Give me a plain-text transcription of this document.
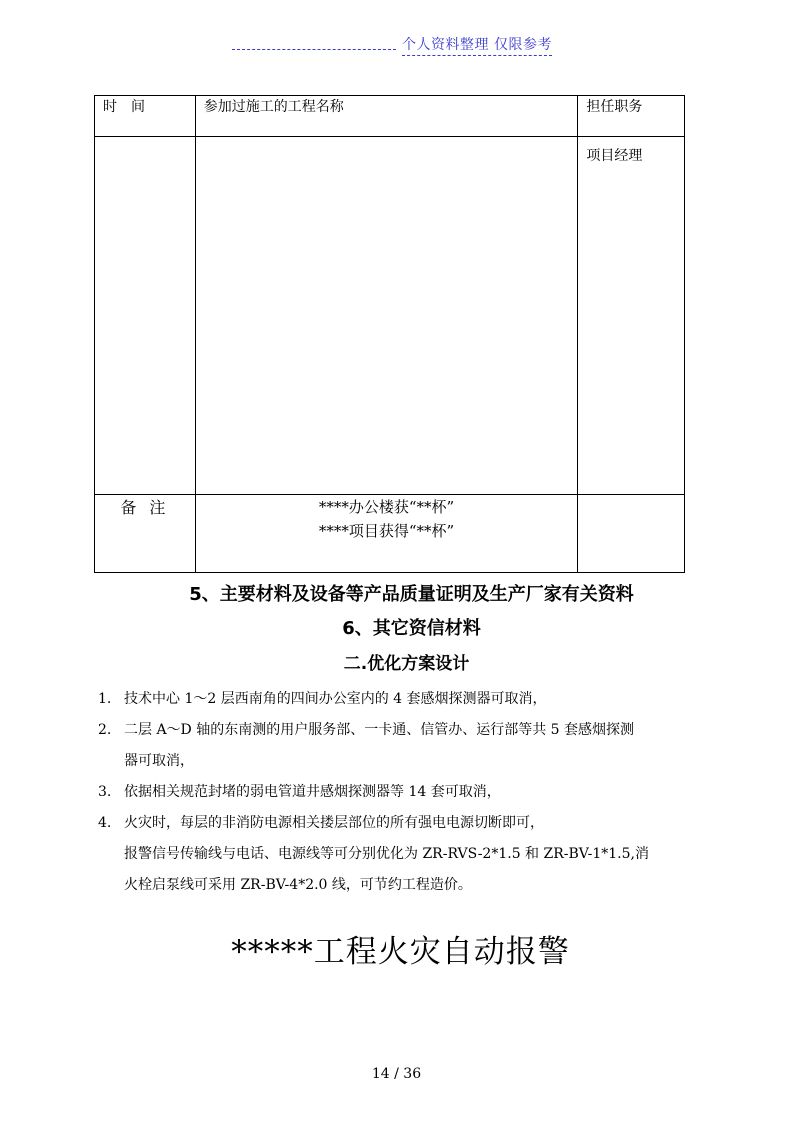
个人资料整理 仅限参考
时　间	参加过施工的工程名称	担任职务

		项目经理

备 注	****办公楼获“**杯”
****项目获得“**杯”	

5、主要材料及设备等产品质量证明及生产厂家有关资料
6、其它资信材料
二.优化方案设计
1. 技术中心 1～2 层西南角的四间办公室内的 4 套感烟探测器可取消，
2. 二层 A～D 轴的东南测的用户服务部、一卡通、信管办、运行部等共 5 套感烟探测
器可取消，
3. 依据相关规范封堵的弱电管道井感烟探测器等 14 套可取消，
4. 火灾时，每层的非消防电源相关搂层部位的所有强电电源切断即可，
报警信号传输线与电话、电源线等可分别优化为 ZR-RVS-2*1.5 和 ZR-BV-1*1.5,消
火栓启泵线可采用 ZR-BV-4*2.0 线，可节约工程造价。
*****工程火灾自动报警
14 / 36
